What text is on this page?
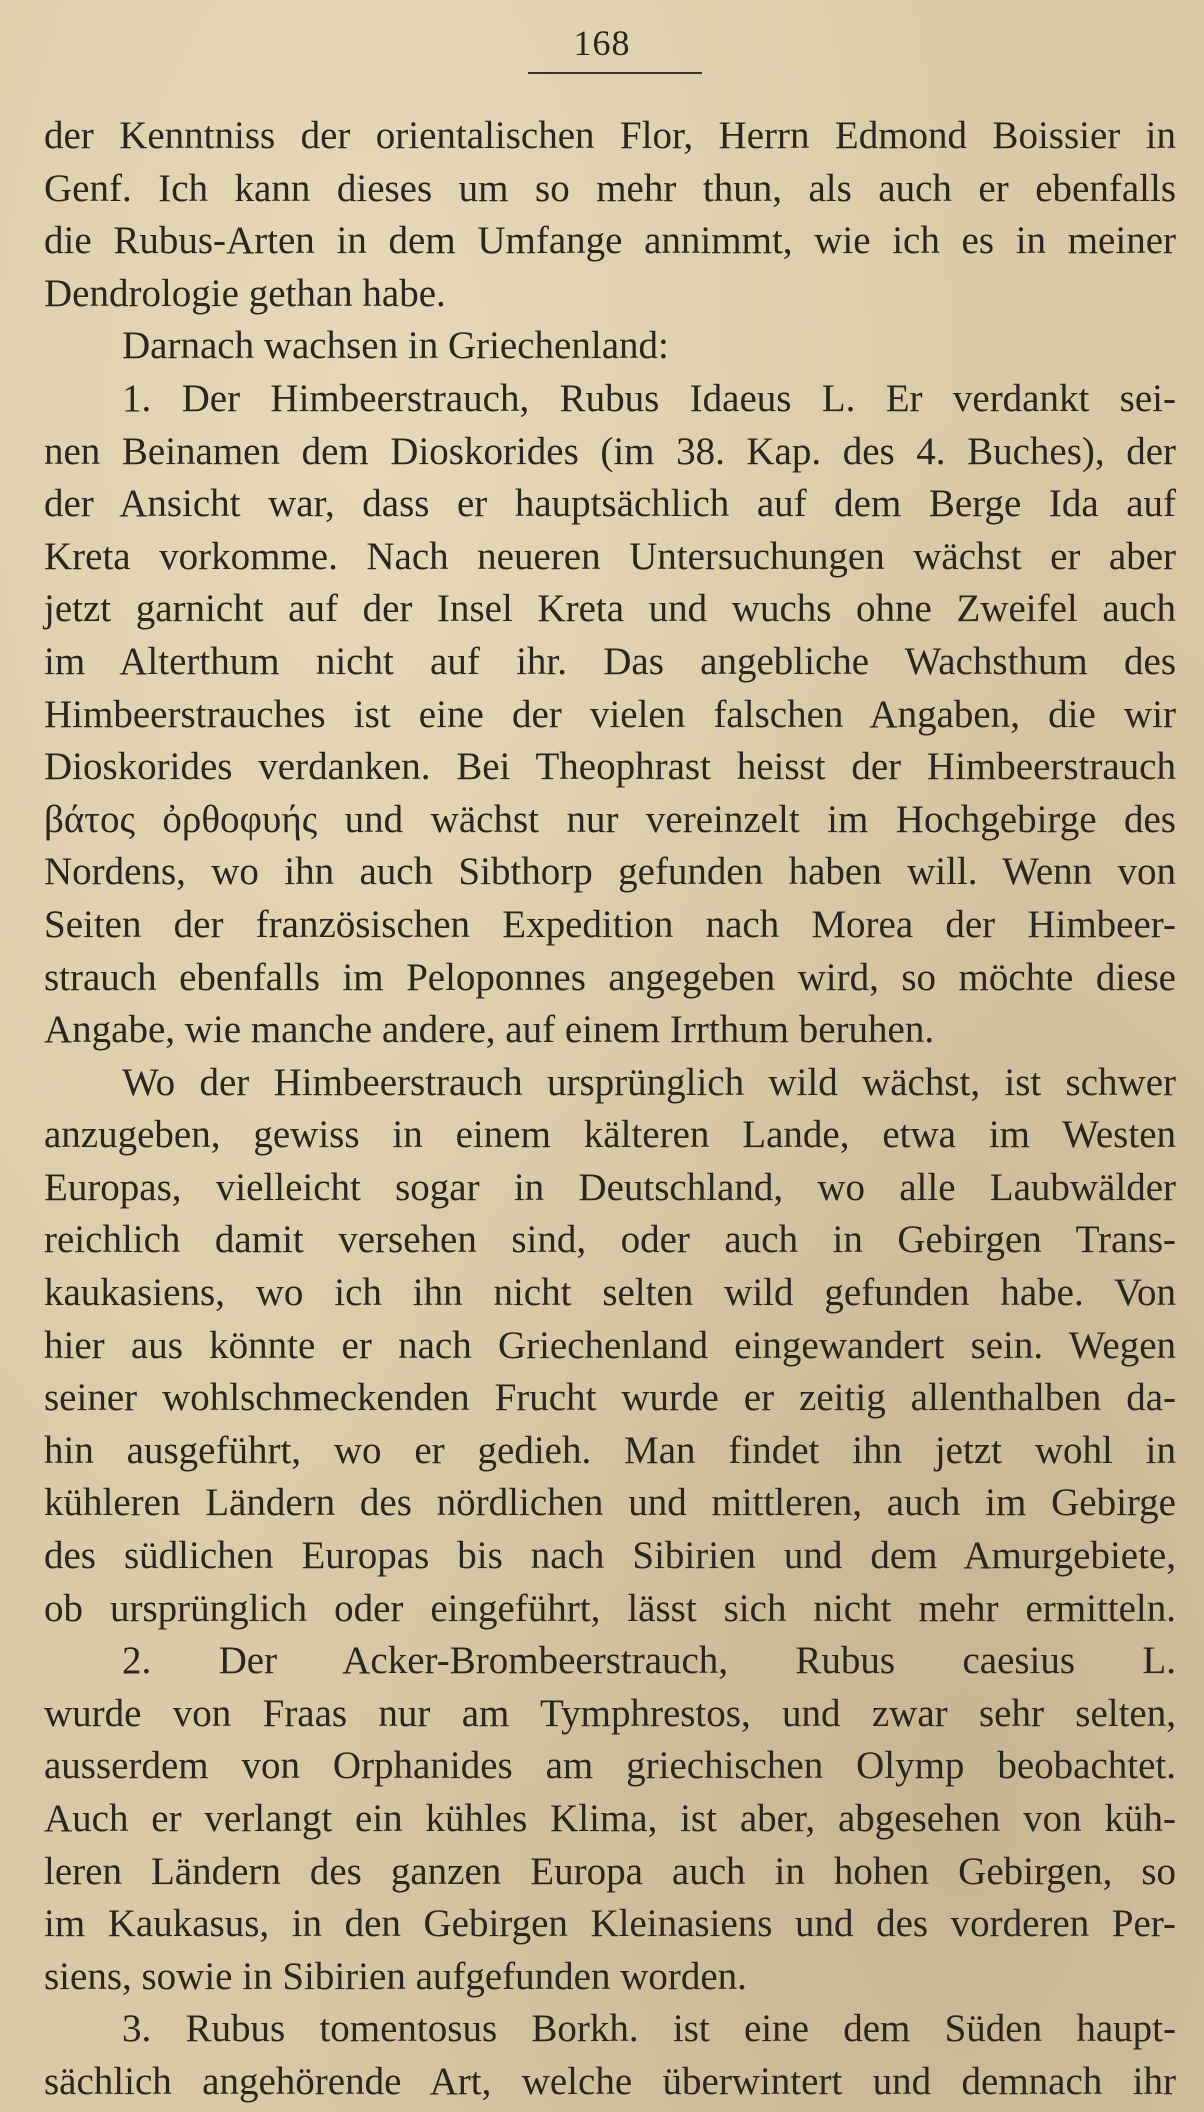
168
der Kenntniss der orientalischen Flor, Herrn Edmond Boissier in
Genf. Ich kann dieses um so mehr thun, als auch er ebenfalls
die Rubus-Arten in dem Umfange annimmt, wie ich es in meiner
Dendrologie gethan habe.
Darnach wachsen in Griechenland:
1. Der Himbeerstrauch, Rubus Idaeus L. Er verdankt sei-
nen Beinamen dem Dioskorides (im 38. Kap. des 4. Buches), der
der Ansicht war, dass er hauptsächlich auf dem Berge Ida auf
Kreta vorkomme. Nach neueren Untersuchungen wächst er aber
jetzt garnicht auf der Insel Kreta und wuchs ohne Zweifel auch
im Alterthum nicht auf ihr. Das angebliche Wachsthum des
Himbeerstrauches ist eine der vielen falschen Angaben, die wir
Dioskorides verdanken. Bei Theophrast heisst der Himbeerstrauch
βάτος ὀρθοφυής und wächst nur vereinzelt im Hochgebirge des
Nordens, wo ihn auch Sibthorp gefunden haben will. Wenn von
Seiten der französischen Expedition nach Morea der Himbeer-
strauch ebenfalls im Peloponnes angegeben wird, so möchte diese
Angabe, wie manche andere, auf einem Irrthum beruhen.
Wo der Himbeerstrauch ursprünglich wild wächst, ist schwer
anzugeben, gewiss in einem kälteren Lande, etwa im Westen
Europas, vielleicht sogar in Deutschland, wo alle Laubwälder
reichlich damit versehen sind, oder auch in Gebirgen Trans-
kaukasiens, wo ich ihn nicht selten wild gefunden habe. Von
hier aus könnte er nach Griechenland eingewandert sein. Wegen
seiner wohlschmeckenden Frucht wurde er zeitig allenthalben da-
hin ausgeführt, wo er gedieh. Man findet ihn jetzt wohl in
kühleren Ländern des nördlichen und mittleren, auch im Gebirge
des südlichen Europas bis nach Sibirien und dem Amurgebiete,
ob ursprünglich oder eingeführt, lässt sich nicht mehr ermitteln.
2. Der Acker-Brombeerstrauch, Rubus caesius L.
wurde von Fraas nur am Tymphrestos, und zwar sehr selten,
ausserdem von Orphanides am griechischen Olymp beobachtet.
Auch er verlangt ein kühles Klima, ist aber, abgesehen von küh-
leren Ländern des ganzen Europa auch in hohen Gebirgen, so
im Kaukasus, in den Gebirgen Kleinasiens und des vorderen Per-
siens, sowie in Sibirien aufgefunden worden.
3. Rubus tomentosus Borkh. ist eine dem Süden haupt-
sächlich angehörende Art, welche überwintert und demnach ihr
